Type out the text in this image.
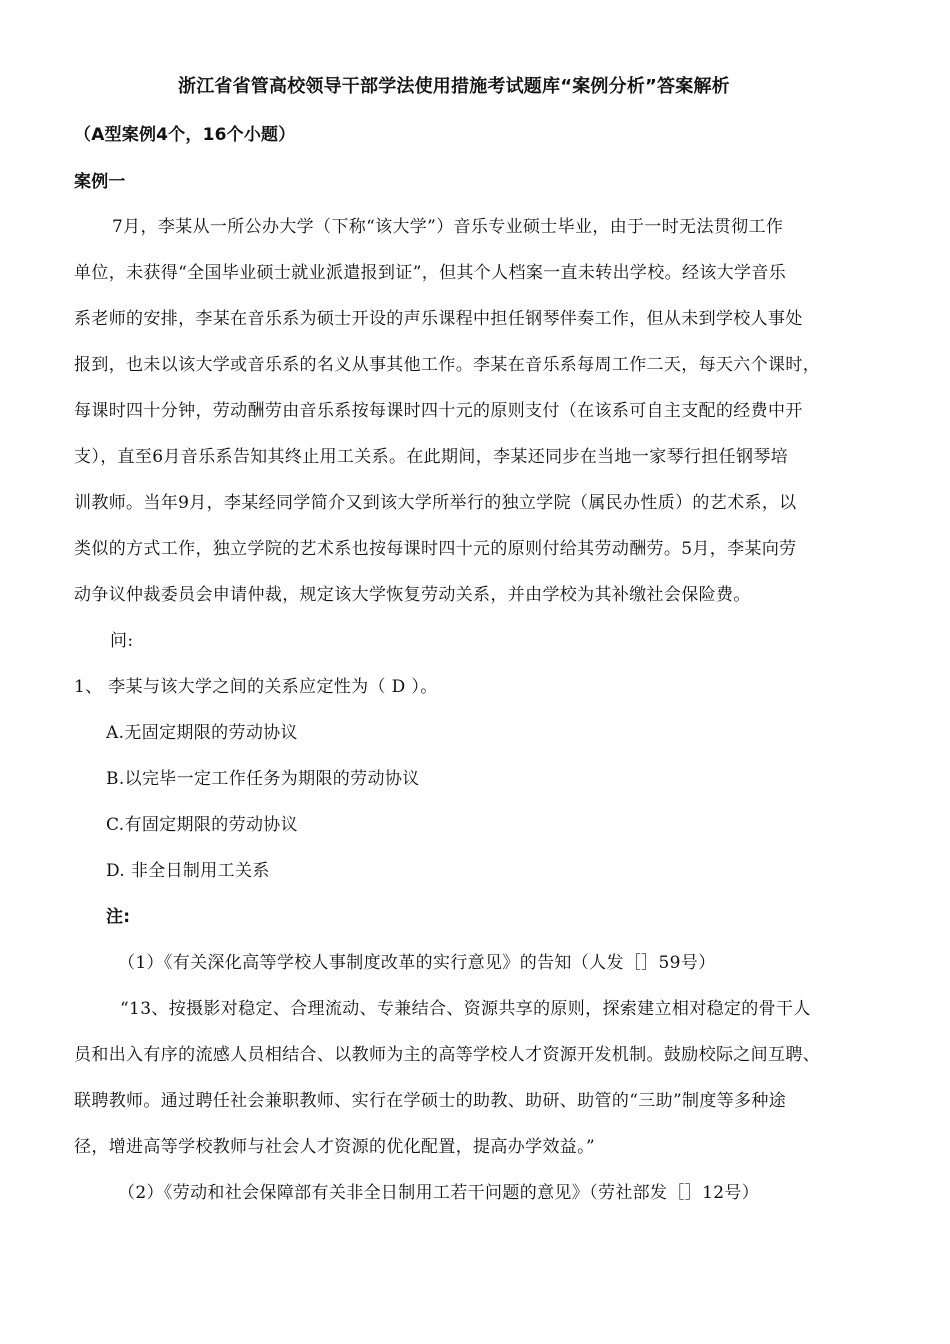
浙江省省管高校领导干部学法使用措施考试题库“案例分析”答案解析
（A型案例4个，16个小题）
案例一
7月，李某从一所公办大学（下称“该大学”）音乐专业硕士毕业，由于一时无法贯彻工作
单位，未获得“全国毕业硕士就业派遣报到证”，但其个人档案一直未转出学校。经该大学音乐
系老师的安排，李某在音乐系为硕士开设的声乐课程中担任钢琴伴奏工作，但从未到学校人事处
报到，也未以该大学或音乐系的名义从事其他工作。李某在音乐系每周工作二天，每天六个课时，
每课时四十分钟，劳动酬劳由音乐系按每课时四十元的原则支付（在该系可自主支配的经费中开
支），直至6月音乐系告知其终止用工关系。在此期间，李某还同步在当地一家琴行担任钢琴培
训教师。当年9月，李某经同学简介又到该大学所举行的独立学院（属民办性质）的艺术系，以
类似的方式工作，独立学院的艺术系也按每课时四十元的原则付给其劳动酬劳。5月，李某向劳
动争议仲裁委员会申请仲裁，规定该大学恢复劳动关系，并由学校为其补缴社会保险费。
问:
1、 李某与该大学之间的关系应定性为（ D ）。
A.无固定期限的劳动协议
B.以完毕一定工作任务为期限的劳动协议
C.有固定期限的劳动协议
D. 非全日制用工关系
注:
（1）《有关深化高等学校人事制度改革的实行意见》的告知（人发［］59号）
“13、按摄影对稳定、合理流动、专兼结合、资源共享的原则，探索建立相对稳定的骨干人
员和出入有序的流感人员相结合、以教师为主的高等学校人才资源开发机制。鼓励校际之间互聘、
联聘教师。通过聘任社会兼职教师、实行在学硕士的助教、助研、助管的“三助”制度等多种途
径，增进高等学校教师与社会人才资源的优化配置，提高办学效益。”
（2）《劳动和社会保障部有关非全日制用工若干问题的意见》（劳社部发［］12号）
